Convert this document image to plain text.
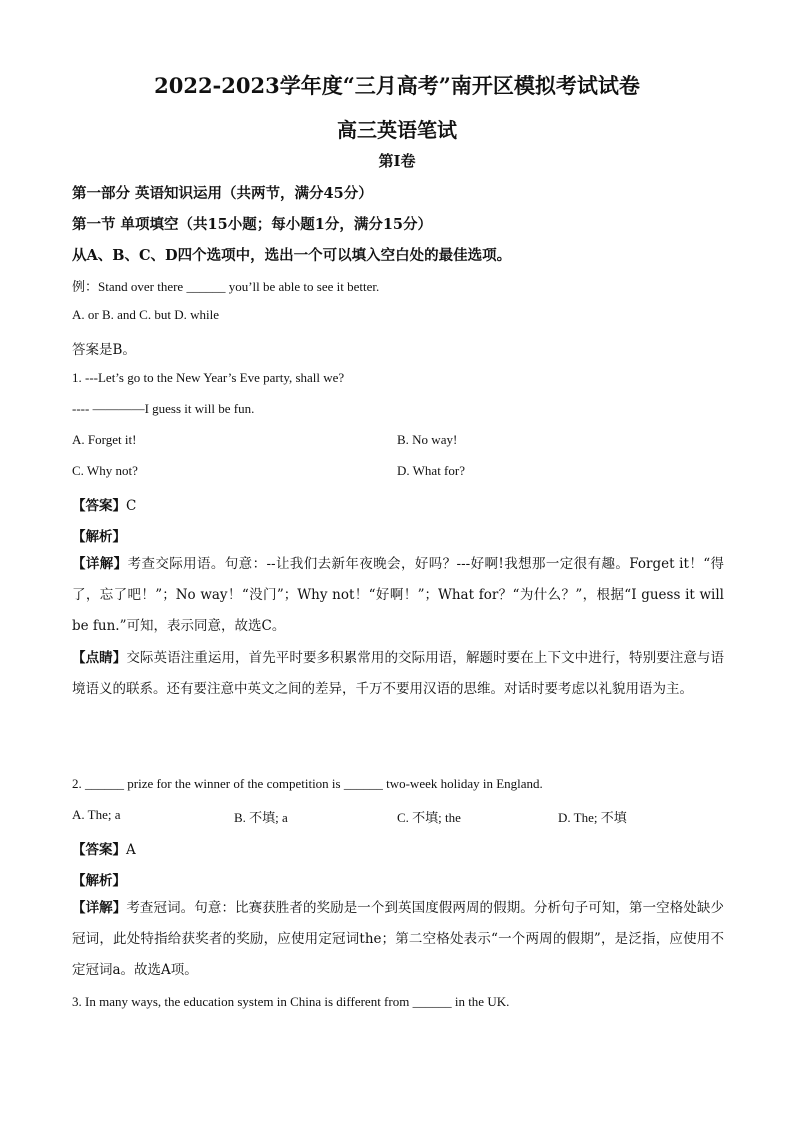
2022-2023学年度“三月高考”南开区模拟考试试卷
高三英语笔试
第Ⅰ卷
第一部分 英语知识运用（共两节，满分45分）
第一节 单项填空（共15小题；每小题1分，满分15分）
从A、B、C、D四个选项中，选出一个可以填入空白处的最佳选项。
例：Stand over there ______ you’ll be able to see it better.
A. or B. and C. but D. while
答案是B。
1. ---Let’s go to the New Year’s Eve party, shall we?
---- ————I guess it will be fun.
A. Forget it!	B. No way!
C. Why not?	D. What for?
【答案】C
【解析】
【详解】考查交际用语。句意：--让我们去新年夜晚会，好吗？---好啊!我想那一定很有趣。Forget it！“得了，忘了吧！”；No way！“没门”；Why not！“好啊！”；What for？“为什么？”，根据“I guess it will be fun.”可知，表示同意，故选C。
【点睛】交际英语注重运用，首先平时要多积累常用的交际用语，解题时要在上下文中进行，特别要注意与语境语义的联系。还有要注意中英文之间的差异，千万不要用汉语的思维。对话时要考虑以礼貌用语为主。
2. ______ prize for the winner of the competition is ______ two-week holiday in England.
A. The; a	B. 不填; a	C. 不填; the	D. The; 不填
【答案】A
【解析】
【详解】考查冠词。句意：比赛获胜者的奖励是一个到英国度假两周的假期。分析句子可知，第一空格处缺少冠词，此处特指给获奖者的奖励，应使用定冠词the；第二空格处表示“一个两周的假期”，是泛指，应使用不定冠词a。故选A项。
3. In many ways, the education system in China is different from ______ in the UK.
